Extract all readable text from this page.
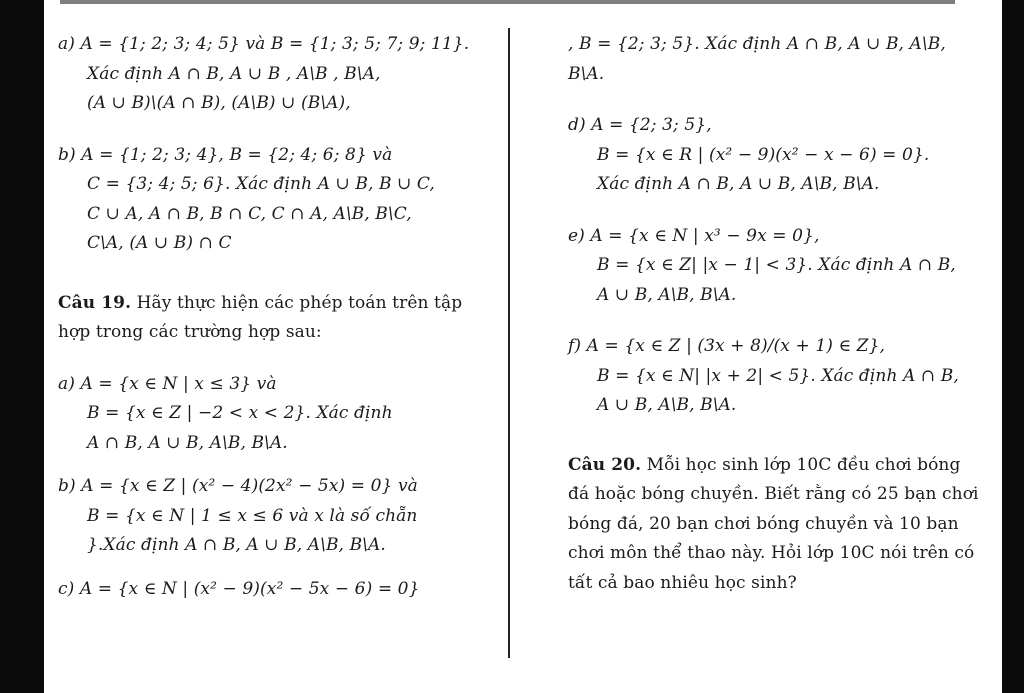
a) A = {1; 2; 3; 4; 5} và B = {1; 3; 5; 7; 9; 11}.
Xác định A ∩ B, A ∪ B , A\B , B\A,
(A ∪ B)\(A ∩ B), (A\B) ∪ (B\A),
b) A = {1; 2; 3; 4}, B = {2; 4; 6; 8} và
C = {3; 4; 5; 6}. Xác định A ∪ B, B ∪ C,
C ∪ A, A ∩ B, B ∩ C, C ∩ A, A\B, B\C,
C\A, (A ∪ B) ∩ C
Câu 19. Hãy thực hiện các phép toán trên tập
hợp trong các trường hợp sau:
a) A = {x ∈ N | x ≤ 3} và
B = {x ∈ Z | −2 < x < 2}. Xác định
A ∩ B, A ∪ B, A\B, B\A.
b) A = {x ∈ Z | (x² − 4)(2x² − 5x) = 0} và
B = {x ∈ N | 1 ≤ x ≤ 6 và x là số chẵn
}.Xác định A ∩ B, A ∪ B, A\B, B\A.
c) A = {x ∈ N | (x² − 9)(x² − 5x − 6) = 0}
, B = {2; 3; 5}. Xác định A ∩ B, A ∪ B, A\B,
B\A.
d) A = {2; 3; 5},
B = {x ∈ R | (x² − 9)(x² − x − 6) = 0}.
Xác định A ∩ B, A ∪ B, A\B, B\A.
e) A = {x ∈ N | x³ − 9x = 0},
B = {x ∈ Z| |x − 1| < 3}. Xác định A ∩ B,
A ∪ B, A\B, B\A.
f) A = {x ∈ Z | (3x + 8)/(x + 1) ∈ Z},
B = {x ∈ N| |x + 2| < 5}. Xác định A ∩ B,
A ∪ B, A\B, B\A.
Câu 20. Mỗi học sinh lớp 10C đều chơi bóng
đá hoặc bóng chuyền. Biết rằng có 25 bạn chơi
bóng đá, 20 bạn chơi bóng chuyền và 10 bạn
chơi môn thể thao này. Hỏi lớp 10C nói trên có
tất cả bao nhiêu học sinh?
